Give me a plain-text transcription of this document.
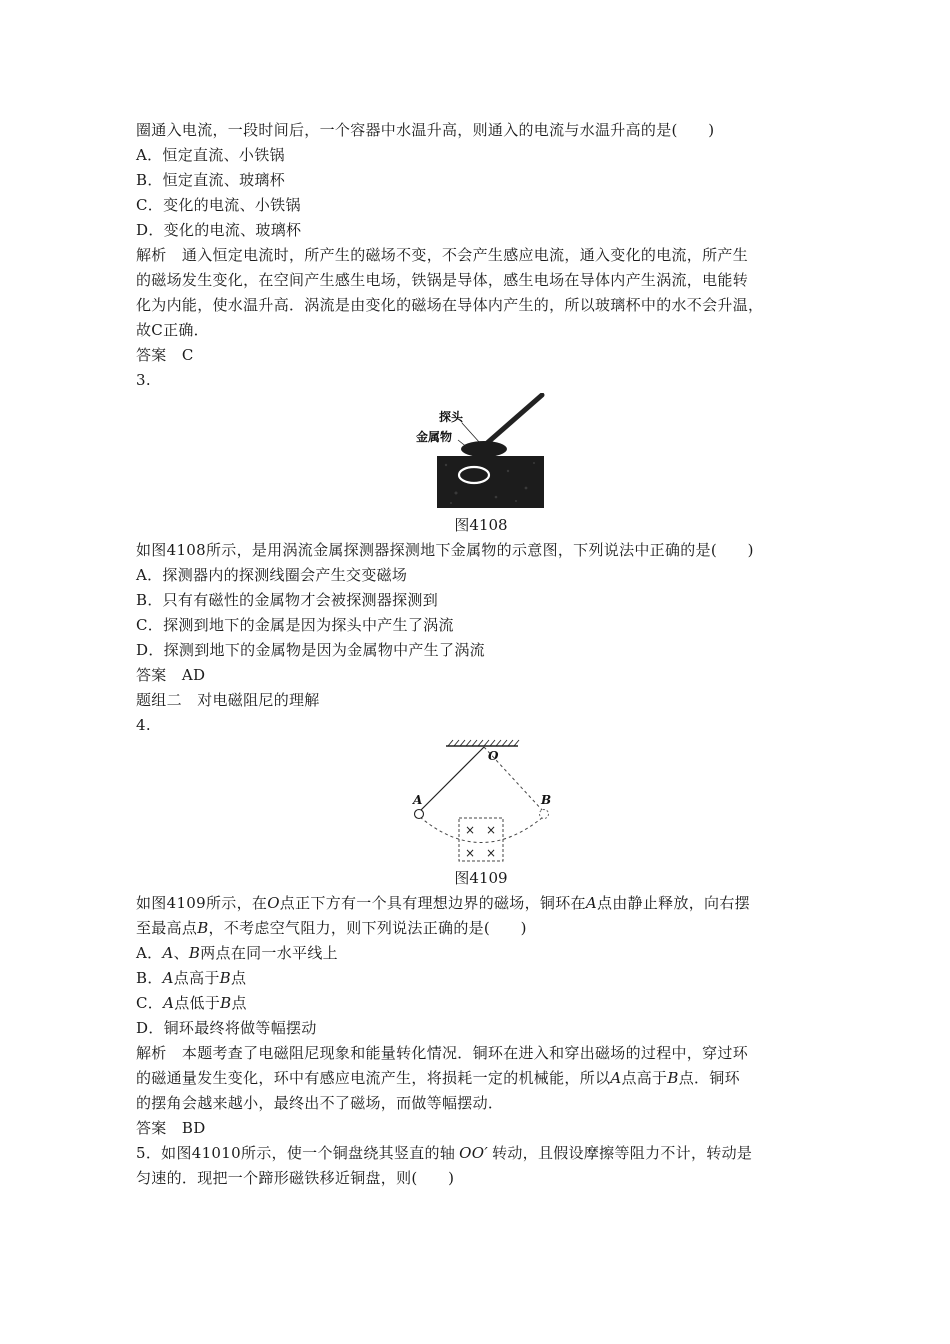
圈通入电流，一段时间后，一个容器中水温升高，则通入的电流与水温升高的是(　　)
A．恒定直流、小铁锅
B．恒定直流、玻璃杯
C．变化的电流、小铁锅
D．变化的电流、玻璃杯
解析　通入恒定电流时，所产生的磁场不变，不会产生感应电流，通入变化的电流，所产生
的磁场发生变化，在空间产生感生电场，铁锅是导体，感生电场在导体内产生涡流，电能转
化为内能，使水温升高．涡流是由变化的磁场在导体内产生的，所以玻璃杯中的水不会升温，
故C正确．
答案　C
3.
探头
金属物
图4108
如图4108所示，是用涡流金属探测器探测地下金属物的示意图，下列说法中正确的是(　　)
A．探测器内的探测线圈会产生交变磁场
B．只有有磁性的金属物才会被探测器探测到
C．探测到地下的金属是因为探头中产生了涡流
D．探测到地下的金属物是因为金属物中产生了涡流
答案　AD
题组二　对电磁阻尼的理解
4.
O
A	B
× ×
× ×
图4109
如图4109所示，在O点正下方有一个具有理想边界的磁场，铜环在A点由静止释放，向右摆
至最高点B，不考虑空气阻力，则下列说法正确的是(　　)
A．A、B两点在同一水平线上
B．A点高于B点
C．A点低于B点
D．铜环最终将做等幅摆动
解析　本题考查了电磁阻尼现象和能量转化情况．铜环在进入和穿出磁场的过程中，穿过环
的磁通量发生变化，环中有感应电流产生，将损耗一定的机械能，所以A点高于B点．铜环
的摆角会越来越小，最终出不了磁场，而做等幅摆动．
答案　BD
5．如图41010所示，使一个铜盘绕其竖直的轴 OO′ 转动，且假设摩擦等阻力不计，转动是
匀速的．现把一个蹄形磁铁移近铜盘，则(　　)
